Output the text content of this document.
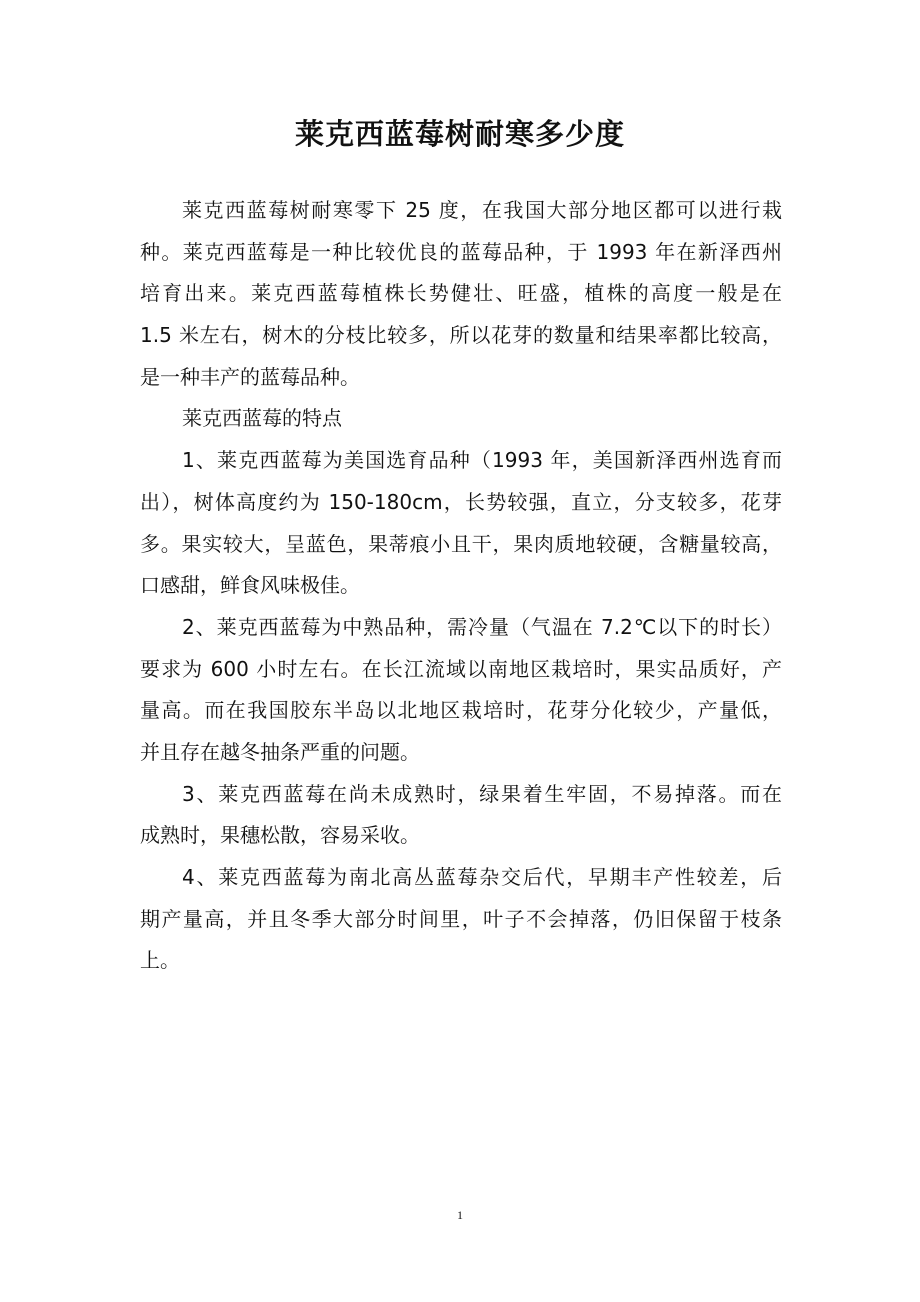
莱克西蓝莓树耐寒多少度
莱克西蓝莓树耐寒零下 25 度，在我国大部分地区都可以进行栽
种。莱克西蓝莓是一种比较优良的蓝莓品种，于 1993 年在新泽西州
培育出来。莱克西蓝莓植株长势健壮、旺盛，植株的高度一般是在
1.5 米左右，树木的分枝比较多，所以花芽的数量和结果率都比较高，
是一种丰产的蓝莓品种。
莱克西蓝莓的特点
1、莱克西蓝莓为美国选育品种（1993 年，美国新泽西州选育而
出），树体高度约为 150-180cm，长势较强，直立，分支较多，花芽
多。果实较大，呈蓝色，果蒂痕小且干，果肉质地较硬，含糖量较高，
口感甜，鲜食风味极佳。
2、莱克西蓝莓为中熟品种，需冷量（气温在 7.2℃以下的时长）
要求为 600 小时左右。在长江流域以南地区栽培时，果实品质好，产
量高。而在我国胶东半岛以北地区栽培时，花芽分化较少，产量低，
并且存在越冬抽条严重的问题。
3、莱克西蓝莓在尚未成熟时，绿果着生牢固，不易掉落。而在
成熟时，果穗松散，容易采收。
4、莱克西蓝莓为南北高丛蓝莓杂交后代，早期丰产性较差，后
期产量高，并且冬季大部分时间里，叶子不会掉落，仍旧保留于枝条
上。
1
